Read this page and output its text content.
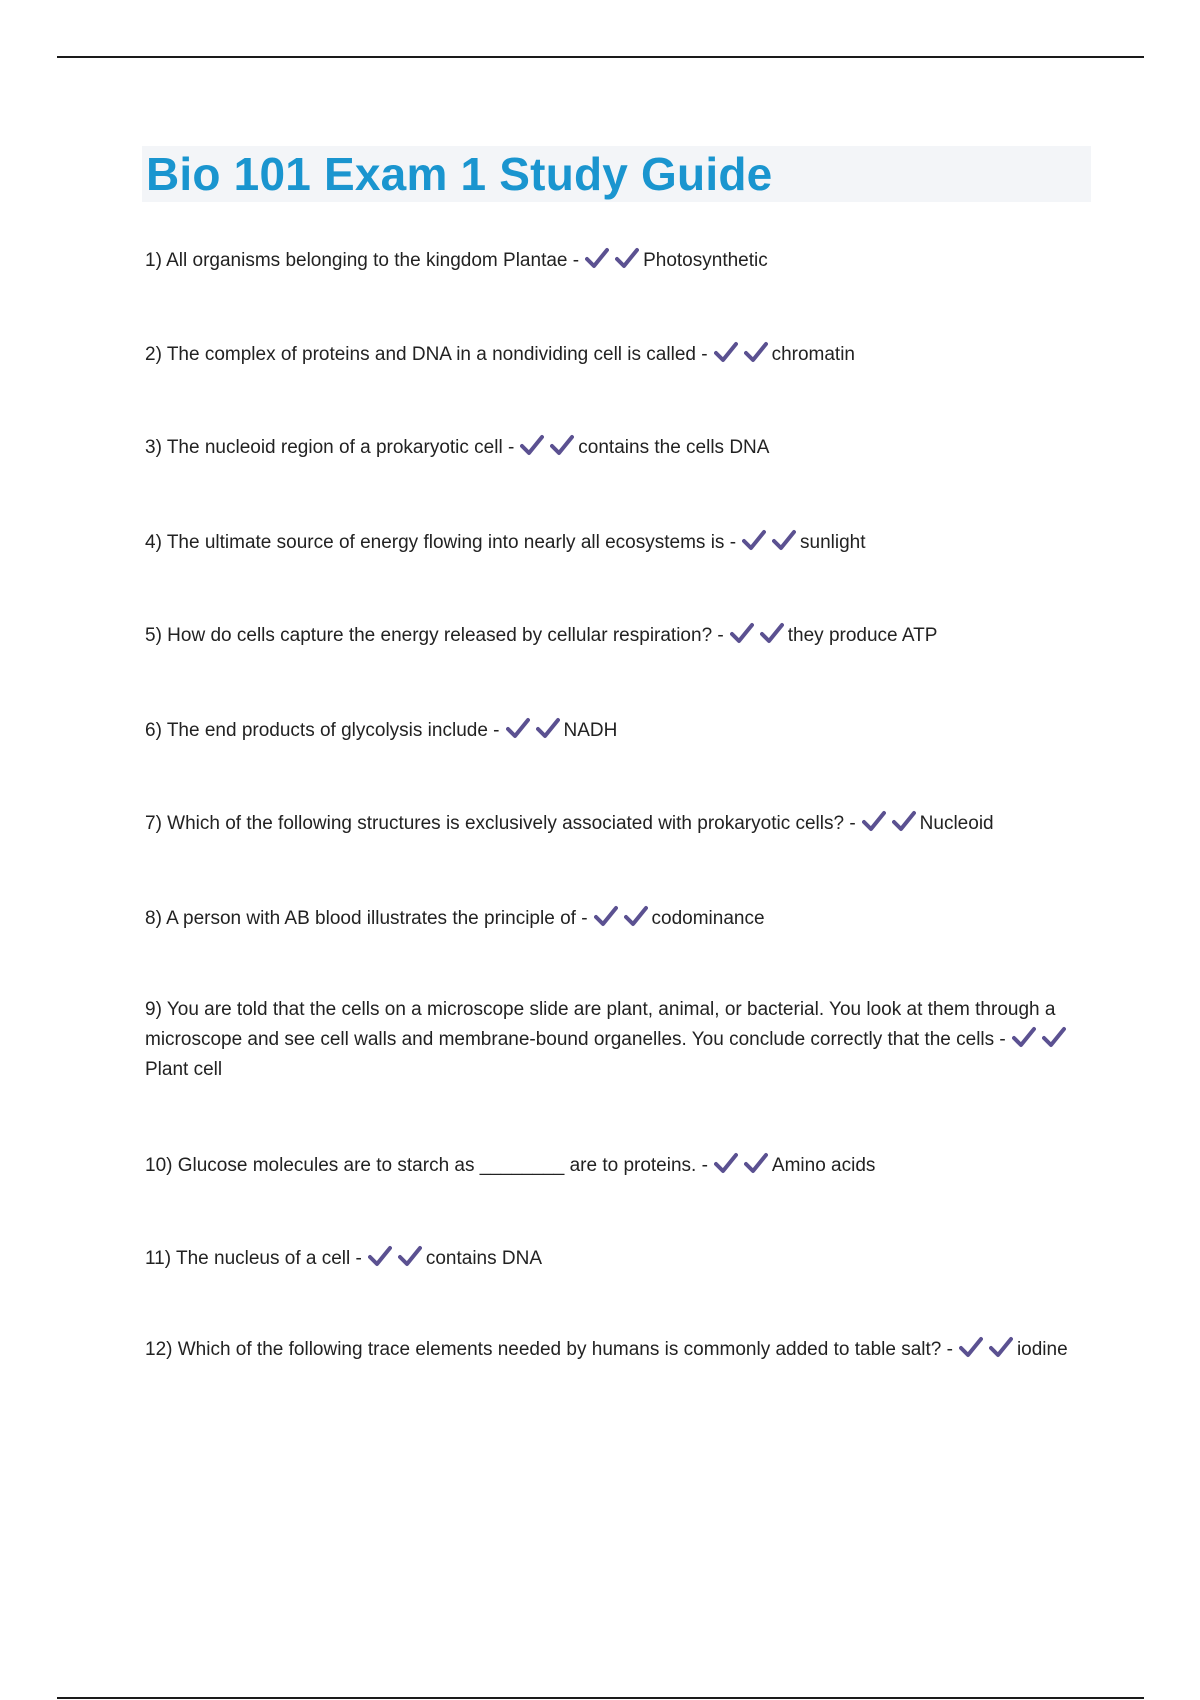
Bio 101 Exam 1 Study Guide

1) All organisms belonging to the kingdom Plantae -	Photosynthetic

2) The complex of proteins and DNA in a nondividing cell is called -	chromatin

3) The nucleoid region of a prokaryotic cell -	contains the cells DNA

4) The ultimate source of energy flowing into nearly all ecosystems is -	sunlight

5) How do cells capture the energy released by cellular respiration? -	they produce ATP

6) The end products of glycolysis include -	NADH

7) Which of the following structures is exclusively associated with prokaryotic cells? -	Nucleoid

8) A person with AB blood illustrates the principle of -	codominance

9) You are told that the cells on a microscope slide are plant, animal, or bacterial. You look at them through a microscope and see cell walls and membrane-bound organelles. You conclude correctly that the cells -
Plant cell

10) Glucose molecules are to starch as ________ are to proteins. -	Amino acids

11) The nucleus of a cell -	contains DNA

12) Which of the following trace elements needed by humans is commonly added to table salt? -	iodine
